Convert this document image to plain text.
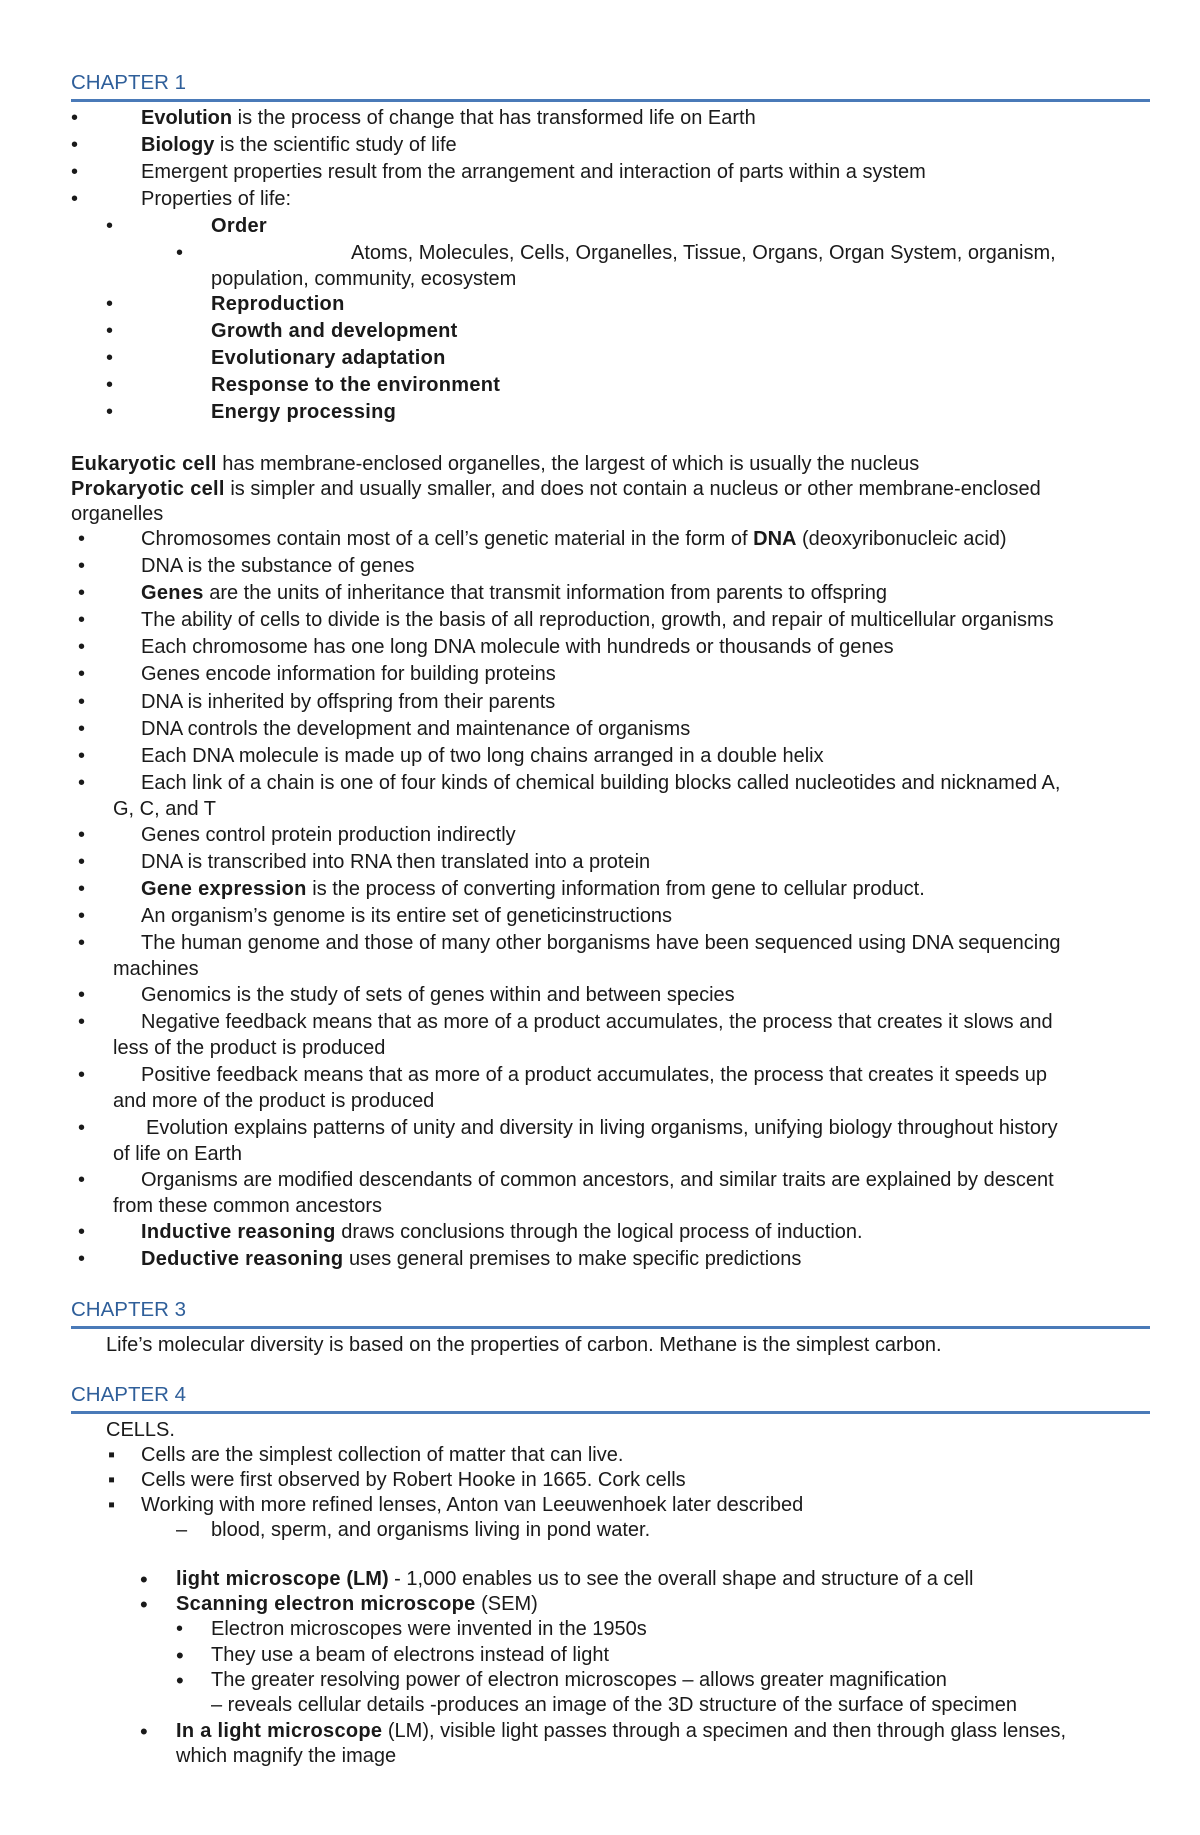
CHAPTER 1
•	Evolution is the process of change that has transformed life on Earth
•	Biology is the scientific study of life
•	Emergent properties result from the arrangement and interaction of parts within a system
•	Properties of life:
•	Order
•	Atoms, Molecules, Cells, Organelles, Tissue, Organs, Organ System, organism,
population, community, ecosystem
•	Reproduction
•	Growth and development
•	Evolutionary adaptation
•	Response to the environment
•	Energy processing
Eukaryotic cell has membrane-enclosed organelles, the largest of which is usually the nucleus
Prokaryotic cell is simpler and usually smaller, and does not contain a nucleus or other membrane-enclosed
organelles
•	Chromosomes contain most of a cell’s genetic material in the form of DNA (deoxyribonucleic acid)
•	DNA is the substance of genes
•	Genes are the units of inheritance that transmit information from parents to offspring
•	The ability of cells to divide is the basis of all reproduction, growth, and repair of multicellular organisms
•	Each chromosome has one long DNA molecule with hundreds or thousands of genes
•	Genes encode information for building proteins
•	DNA is inherited by offspring from their parents
•	DNA controls the development and maintenance of organisms
•	Each DNA molecule is made up of two long chains arranged in a double helix
•	Each link of a chain is one of four kinds of chemical building blocks called nucleotides and nicknamed A,
G, C, and T
•	Genes control protein production indirectly
•	DNA is transcribed into RNA then translated into a protein
•	Gene expression is the process of converting information from gene to cellular product.
•	An organism’s genome is its entire set of geneticinstructions
•	The human genome and those of many other borganisms have been sequenced using DNA sequencing
machines
•	Genomics is the study of sets of genes within and between species
•	Negative feedback means that as more of a product accumulates, the process that creates it slows and
less of the product is produced
•	Positive feedback means that as more of a product accumulates, the process that creates it speeds up
and more of the product is produced
•	Evolution explains patterns of unity and diversity in living organisms, unifying biology throughout history
of life on Earth
•	Organisms are modified descendants of common ancestors, and similar traits are explained by descent
from these common ancestors
•	Inductive reasoning draws conclusions through the logical process of induction.
•	Deductive reasoning uses general premises to make specific predictions
CHAPTER 3
Life’s molecular diversity is based on the properties of carbon. Methane is the simplest carbon.
CHAPTER 4
CELLS.
▪ Cells are the simplest collection of matter that can live.
▪ Cells were first observed by Robert Hooke in 1665. Cork cells
▪ Working with more refined lenses, Anton van Leeuwenhoek later described
– blood, sperm, and organisms living in pond water.
• light microscope (LM) - 1,000 enables us to see the overall shape and structure of a cell
• Scanning electron microscope (SEM)
• Electron microscopes were invented in the 1950s
• They use a beam of electrons instead of light
• The greater resolving power of electron microscopes – allows greater magnification
– reveals cellular details -produces an image of the 3D structure of the surface of specimen
• In a light microscope (LM), visible light passes through a specimen and then through glass lenses,
which magnify the image
